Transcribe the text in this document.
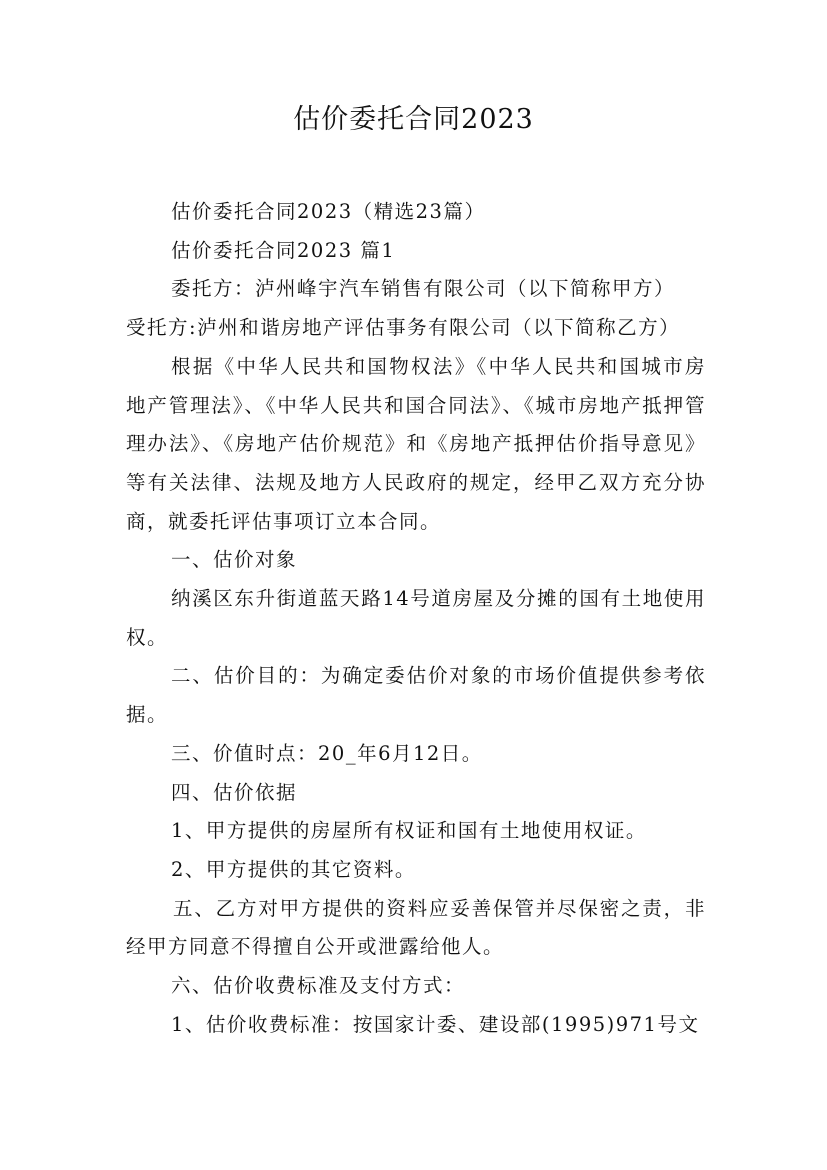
估价委托合同2023

估价委托合同2023（精选23篇）

估价委托合同2023 篇1

委托方：泸州峰宇汽车销售有限公司（以下简称甲方）

受托方:泸州和谐房地产评估事务有限公司（以下简称乙方）

根据《中华人民共和国物权法》《中华人民共和国城市房地产管理法》、《中华人民共和国合同法》、《城市房地产抵押管理办法》、《房地产估价规范》和《房地产抵押估价指导意见》等有关法律、法规及地方人民政府的规定，经甲乙双方充分协商，就委托评估事项订立本合同。

一、估价对象

纳溪区东升街道蓝天路14号道房屋及分摊的国有土地使用权。

二、估价目的：为确定委估价对象的市场价值提供参考依据。

三、价值时点：20_年6月12日。

四、估价依据

1、甲方提供的房屋所有权证和国有土地使用权证。

2、甲方提供的其它资料。

五、乙方对甲方提供的资料应妥善保管并尽保密之责，非经甲方同意不得擅自公开或泄露给他人。

六、估价收费标准及支付方式：

1、估价收费标准：按国家计委、建设部(1995)971号文
